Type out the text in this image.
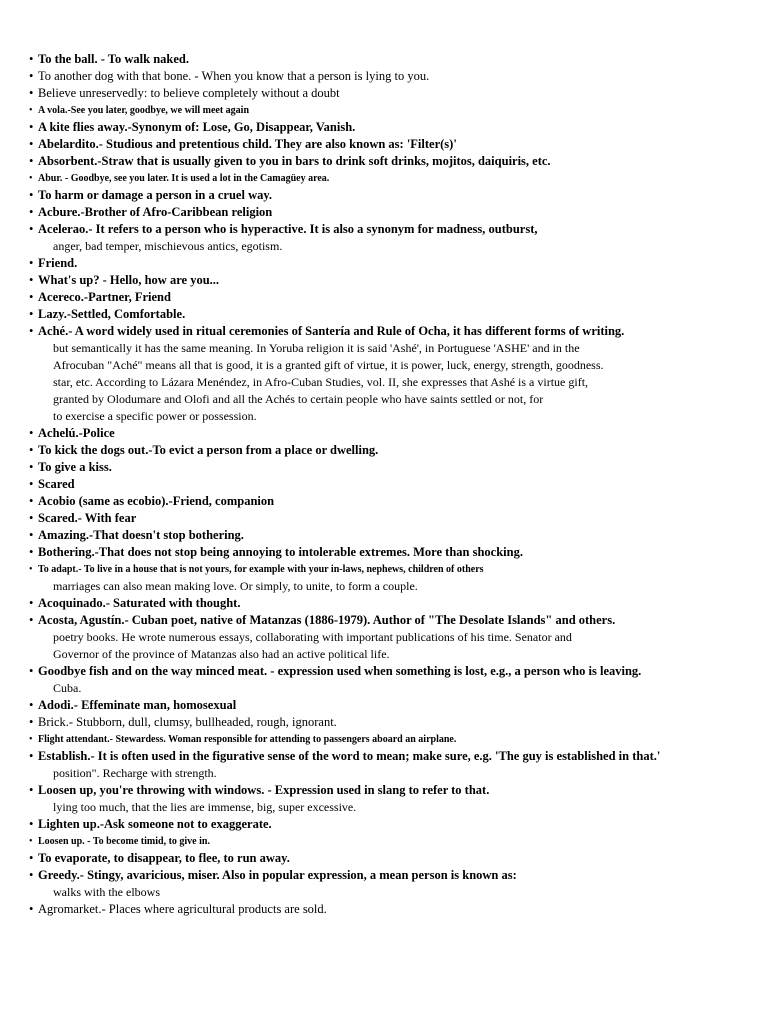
• To the ball. - To walk naked.
• To another dog with that bone. - When you know that a person is lying to you.
• Believe unreservedly: to believe completely without a doubt
• A vola.-See you later, goodbye, we will meet again
• A kite flies away.-Synonym of: Lose, Go, Disappear, Vanish.
• Abelardito.- Studious and pretentious child. They are also known as: 'Filter(s)'
• Absorbent.-Straw that is usually given to you in bars to drink soft drinks, mojitos, daiquiris, etc.
• Abur. - Goodbye, see you later. It is used a lot in the Camagüey area.
• To harm or damage a person in a cruel way.
• Acbure.-Brother of Afro-Caribbean religion
• Acelerao.- It refers to a person who is hyperactive. It is also a synonym for madness, outburst,
anger, bad temper, mischievous antics, egotism.
• Friend.
• What's up? - Hello, how are you...
• Acereco.-Partner, Friend
• Lazy.-Settled, Comfortable.
• Aché.- A word widely used in ritual ceremonies of Santería and Rule of Ocha, it has different forms of writing.
but semantically it has the same meaning. In Yoruba religion it is said 'Ashé', in Portuguese 'ASHE' and in the
Afrocuban "Aché" means all that is good, it is a granted gift of virtue, it is power, luck, energy, strength, goodness.
star, etc. According to Lázara Menéndez, in Afro-Cuban Studies, vol. II, she expresses that Ashé is a virtue gift,
granted by Olodumare and Olofi and all the Achés to certain people who have saints settled or not, for
to exercise a specific power or possession.
• Achelú.-Police
• To kick the dogs out.-To evict a person from a place or dwelling.
• To give a kiss.
• Scared
• Acobio (same as ecobio).-Friend, companion
• Scared.- With fear
• Amazing.-That doesn't stop bothering.
• Bothering.-That does not stop being annoying to intolerable extremes. More than shocking.
• To adapt.- To live in a house that is not yours, for example with your in-laws, nephews, children of others
marriages can also mean making love. Or simply, to unite, to form a couple.
• Acoquinado.- Saturated with thought.
• Acosta, Agustín.- Cuban poet, native of Matanzas (1886-1979). Author of "The Desolate Islands" and others.
poetry books. He wrote numerous essays, collaborating with important publications of his time. Senator and
Governor of the province of Matanzas also had an active political life.
• Goodbye fish and on the way minced meat. - expression used when something is lost, e.g., a person who is leaving.
Cuba.
• Adodi.- Effeminate man, homosexual
• Brick.- Stubborn, dull, clumsy, bullheaded, rough, ignorant.
• Flight attendant.- Stewardess. Woman responsible for attending to passengers aboard an airplane.
• Establish.- It is often used in the figurative sense of the word to mean; make sure, e.g. 'The guy is established in that.'
position". Recharge with strength.
• Loosen up, you're throwing with windows. - Expression used in slang to refer to that.
lying too much, that the lies are immense, big, super excessive.
• Lighten up.-Ask someone not to exaggerate.
• Loosen up. - To become timid, to give in.
• To evaporate, to disappear, to flee, to run away.
• Greedy.- Stingy, avaricious, miser. Also in popular expression, a mean person is known as:
walks with the elbows
• Agromarket.- Places where agricultural products are sold.
